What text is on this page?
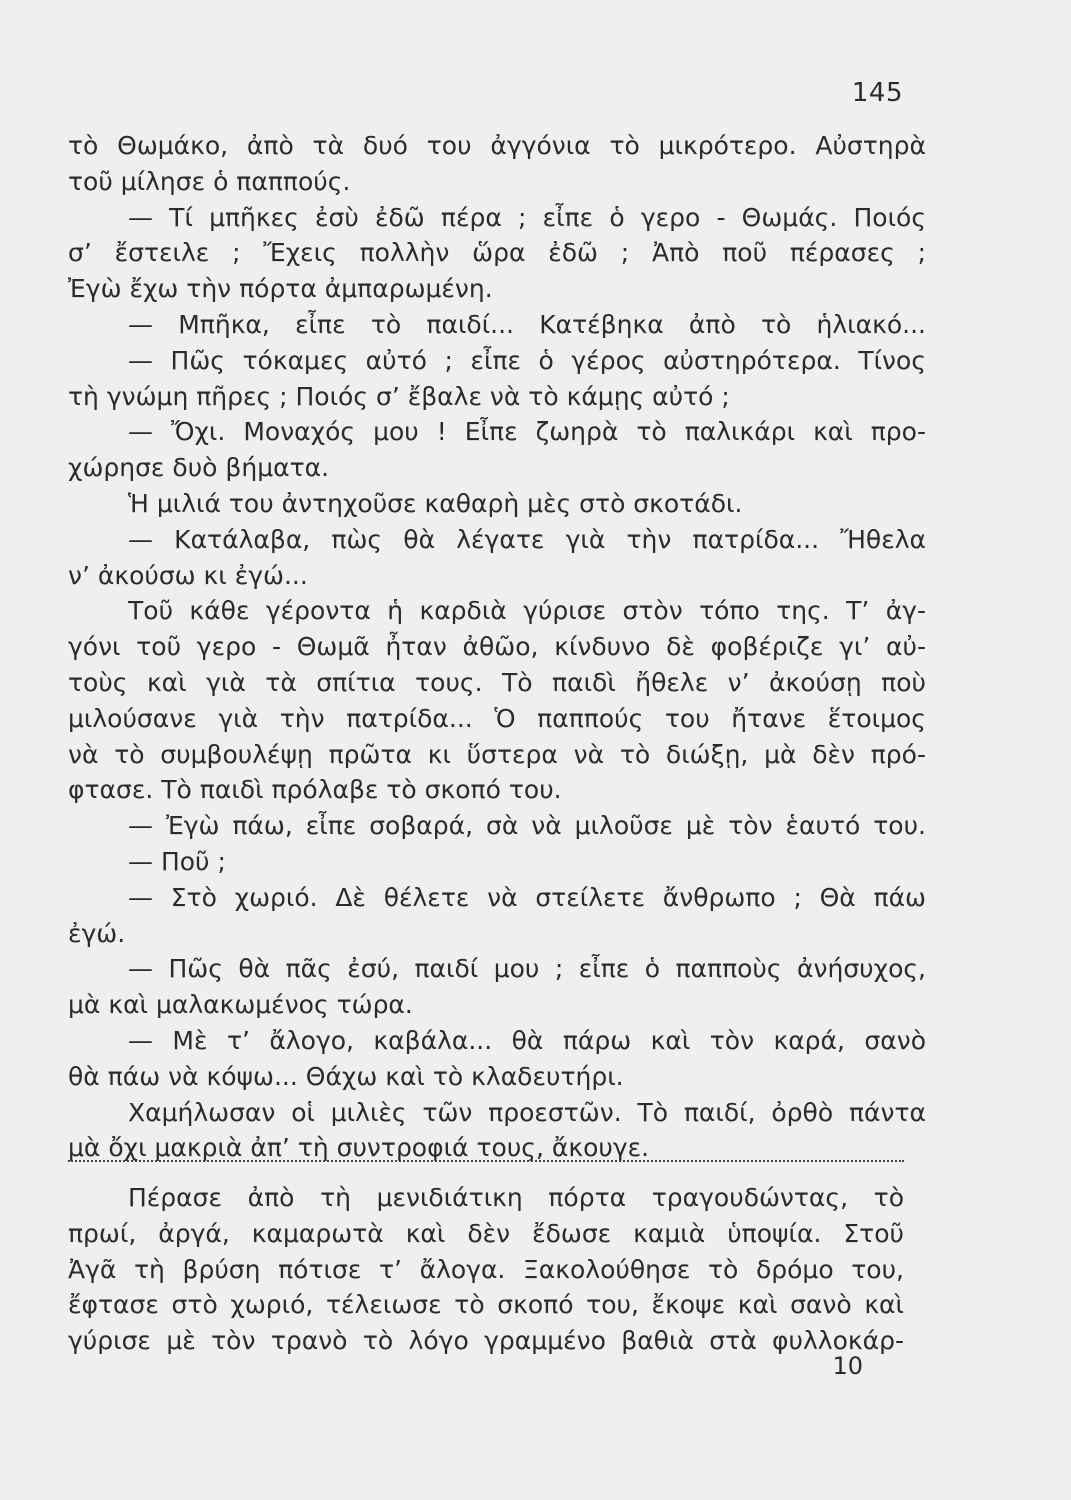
145
τὸ Θωμάκο, ἀπὸ τὰ δυό του ἀγγόνια τὸ μικρότερο. Αὐστηρὰ
τοῦ μίλησε ὁ παππούς.
— Τί μπῆκες ἐσὺ ἐδῶ πέρα ; εἶπε ὁ γερο - Θωμάς. Ποιός
σ’ ἔστειλε ; Ἔχεις πολλὴν ὥρα ἐδῶ ; Ἀπὸ ποῦ πέρασες ;
Ἐγὼ ἔχω τὴν πόρτα ἀμπαρωμένη.
— Μπῆκα, εἶπε τὸ παιδί... Κατέβηκα ἀπὸ τὸ ἡλιακό...
— Πῶς τόκαμες αὐτό ; εἶπε ὁ γέρος αὐστηρότερα. Τίνος
τὴ γνώμη πῆρες ; Ποιός σ’ ἔβαλε νὰ τὸ κάμῃς αὐτό ;
— Ὄχι. Μοναχός μου ! Εἶπε ζωηρὰ τὸ παλικάρι καὶ προ-
χώρησε δυὸ βήματα.
Ἡ μιλιά του ἀντηχοῦσε καθαρὴ μὲς στὸ σκοτάδι.
— Κατάλαβα, πὼς θὰ λέγατε γιὰ τὴν πατρίδα... Ἤθελα
ν’ ἀκούσω κι ἐγώ...
Τοῦ κάθε γέροντα ἡ καρδιὰ γύρισε στὸν τόπο της. Τ’ ἀγ-
γόνι τοῦ γερο - Θωμᾶ ἦταν ἀθῶο, κίνδυνο δὲ φοβέριζε γι’ αὐ-
τοὺς καὶ γιὰ τὰ σπίτια τους. Τὸ παιδὶ ἤθελε ν’ ἀκούσῃ ποὺ
μιλούσανε γιὰ τὴν πατρίδα... Ὁ παππούς του ἤτανε ἕτοιμος
νὰ τὸ συμβουλέψῃ πρῶτα κι ὕστερα νὰ τὸ διώξῃ, μὰ δὲν πρό-
φτασε. Τὸ παιδὶ πρόλαβε τὸ σκοπό του.
— Ἐγὼ πάω, εἶπε σοβαρά, σὰ νὰ μιλοῦσε μὲ τὸν ἑαυτό του.
— Ποῦ ;
— Στὸ χωριό. Δὲ θέλετε νὰ στείλετε ἄνθρωπο ; Θὰ πάω
ἐγώ.
— Πῶς θὰ πᾶς ἐσύ, παιδί μου ; εἶπε ὁ παπποὺς ἀνήσυχος,
μὰ καὶ μαλακωμένος τώρα.
— Μὲ τ’ ἄλογο, καβάλα... θὰ πάρω καὶ τὸν καρά, σανὸ
θὰ πάω νὰ κόψω... Θάχω καὶ τὸ κλαδευτήρι.
Χαμήλωσαν οἱ μιλιὲς τῶν προεστῶν. Τὸ παιδί, ὀρθὸ πάντα
μὰ ὄχι μακριὰ ἀπ’ τὴ συντροφιά τους, ἄκουγε.
Πέρασε ἀπὸ τὴ μενιδιάτικη πόρτα τραγουδώντας, τὸ
πρωί, ἀργά, καμαρωτὰ καὶ δὲν ἔδωσε καμιὰ ὑποψία. Στοῦ
Ἀγᾶ τὴ βρύση πότισε τ’ ἄλογα. Ξακολούθησε τὸ δρόμο του,
ἔφτασε στὸ χωριό, τέλειωσε τὸ σκοπό του, ἔκοψε καὶ σανὸ καὶ
γύρισε μὲ τὸν τρανὸ τὸ λόγο γραμμένο βαθιὰ στὰ φυλλοκάρ-
10
